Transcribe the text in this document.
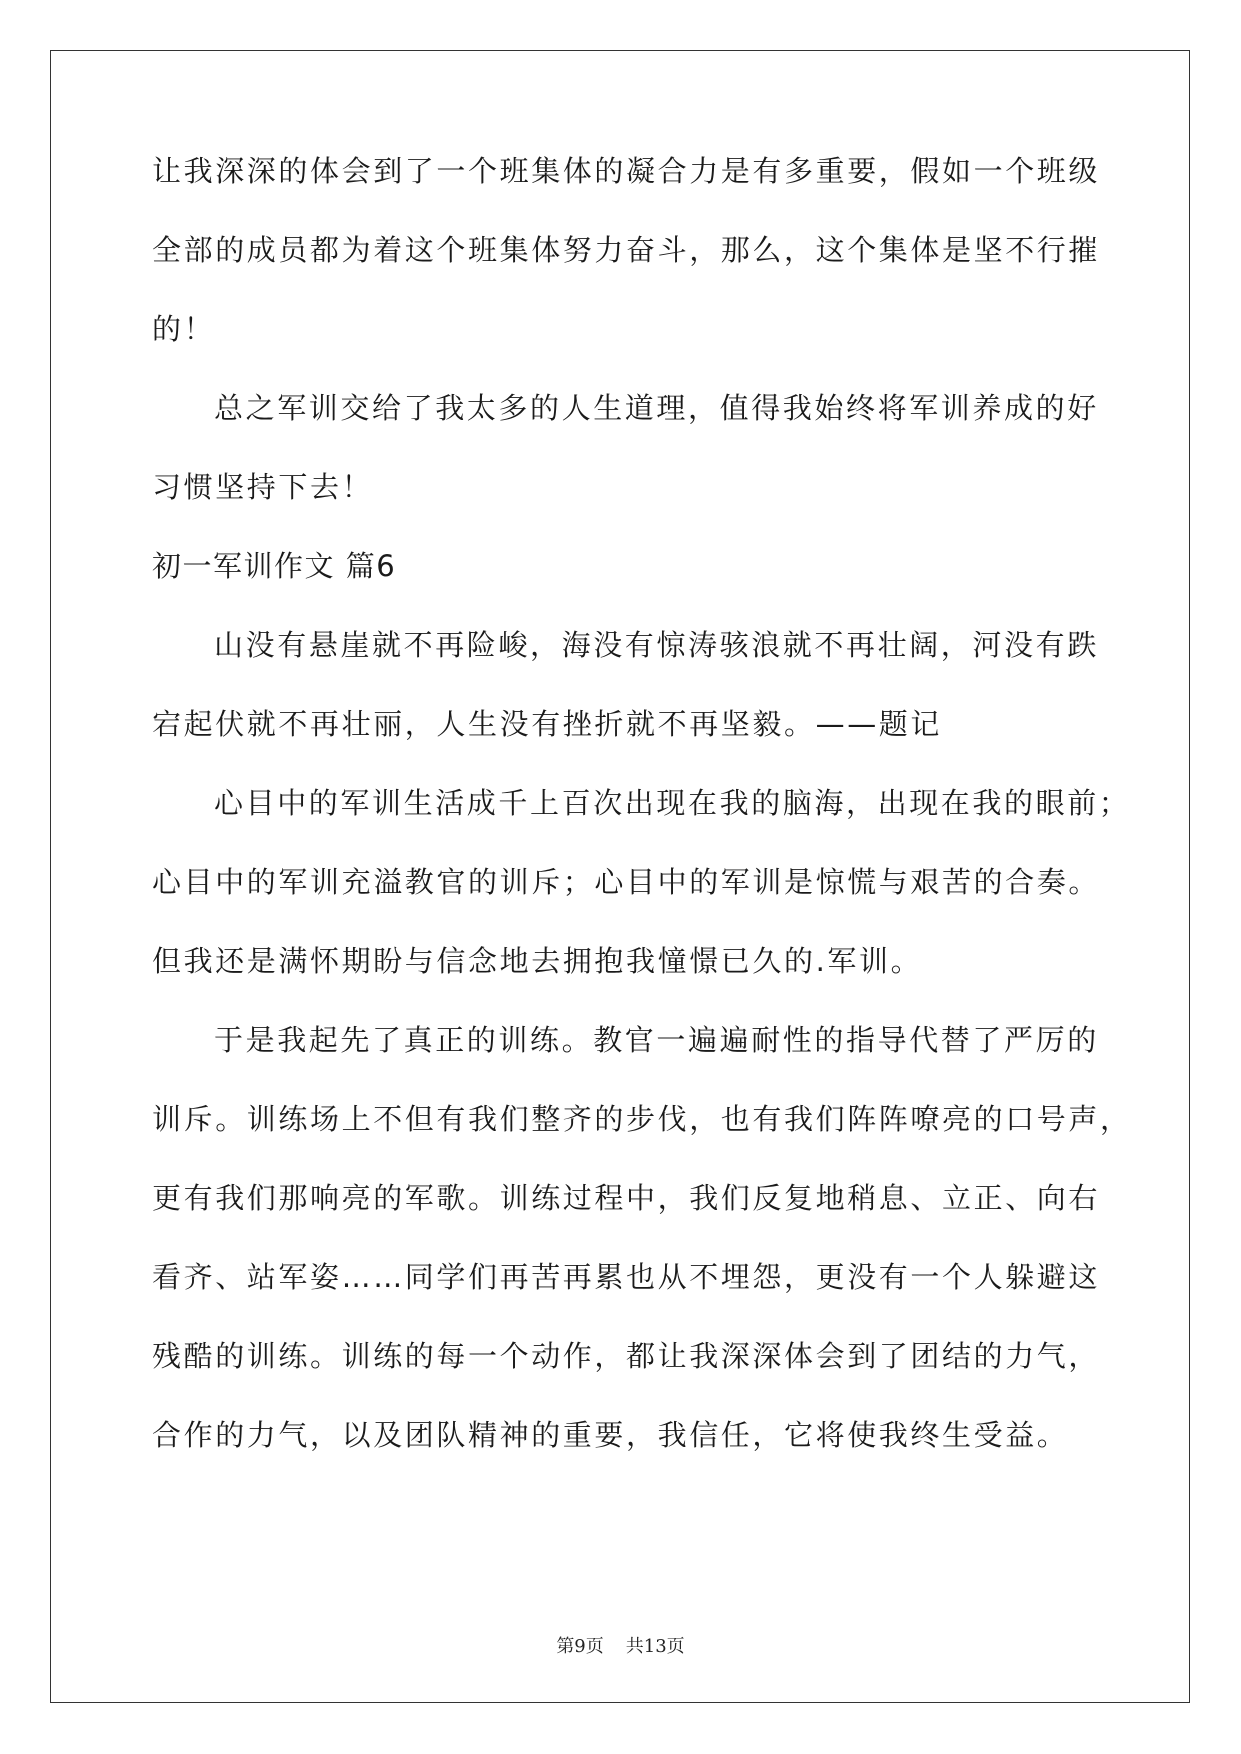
让我深深的体会到了一个班集体的凝合力是有多重要，假如一个班级
全部的成员都为着这个班集体努力奋斗，那么，这个集体是坚不行摧
的！
总之军训交给了我太多的人生道理，值得我始终将军训养成的好
习惯坚持下去！
初一军训作文 篇6
山没有悬崖就不再险峻，海没有惊涛骇浪就不再壮阔，河没有跌
宕起伏就不再壮丽，人生没有挫折就不再坚毅。——题记
心目中的军训生活成千上百次出现在我的脑海，出现在我的眼前；
心目中的军训充溢教官的训斥；心目中的军训是惊慌与艰苦的合奏。
但我还是满怀期盼与信念地去拥抱我憧憬已久的.军训。
于是我起先了真正的训练。教官一遍遍耐性的指导代替了严厉的
训斥。训练场上不但有我们整齐的步伐，也有我们阵阵嘹亮的口号声，
更有我们那响亮的军歌。训练过程中，我们反复地稍息、立正、向右
看齐、站军姿……同学们再苦再累也从不埋怨，更没有一个人躲避这
残酷的训练。训练的每一个动作，都让我深深体会到了团结的力气，
合作的力气，以及团队精神的重要，我信任，它将使我终生受益。
第9页 共13页
